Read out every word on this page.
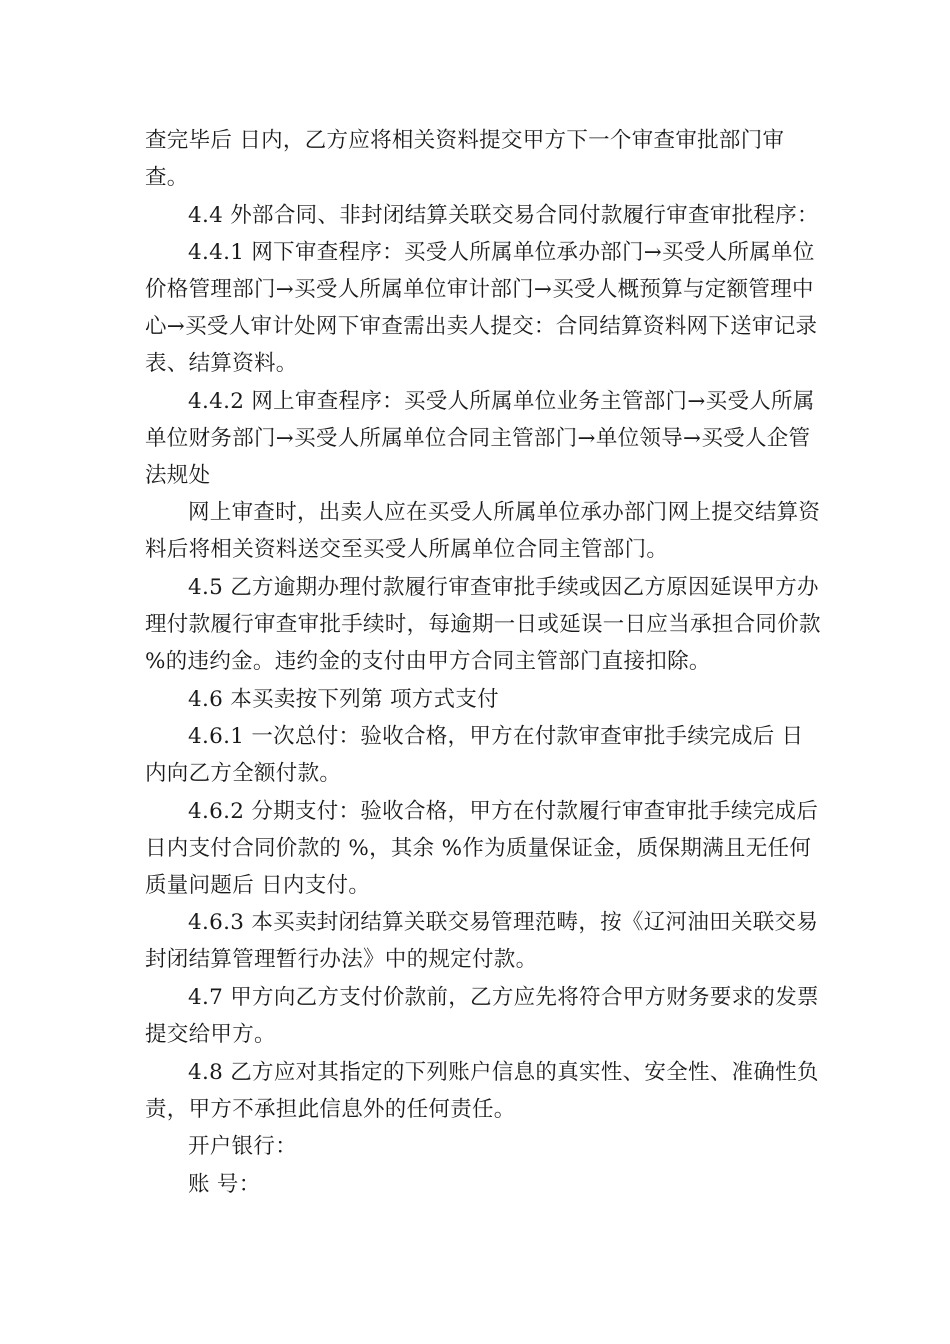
查完毕后 日内，乙方应将相关资料提交甲方下一个审查审批部门审查。

4.4 外部合同、非封闭结算关联交易合同付款履行审查审批程序：

4.4.1 网下审查程序：买受人所属单位承办部门→买受人所属单位价格管理部门→买受人所属单位审计部门→买受人概预算与定额管理中心→买受人审计处网下审查需出卖人提交：合同结算资料网下送审记录表、结算资料。

4.4.2 网上审查程序：买受人所属单位业务主管部门→买受人所属单位财务部门→买受人所属单位合同主管部门→单位领导→买受人企管法规处

网上审查时，出卖人应在买受人所属单位承办部门网上提交结算资料后将相关资料送交至买受人所属单位合同主管部门。

4.5 乙方逾期办理付款履行审查审批手续或因乙方原因延误甲方办理付款履行审查审批手续时，每逾期一日或延误一日应当承担合同价款 %的违约金。违约金的支付由甲方合同主管部门直接扣除。

4.6 本买卖按下列第 项方式支付

4.6.1 一次总付：验收合格，甲方在付款审查审批手续完成后 日内向乙方全额付款。

4.6.2 分期支付：验收合格，甲方在付款履行审查审批手续完成后 日内支付合同价款的 %，其余 %作为质量保证金，质保期满且无任何质量问题后 日内支付。

4.6.3 本买卖封闭结算关联交易管理范畴，按《辽河油田关联交易封闭结算管理暂行办法》中的规定付款。

4.7 甲方向乙方支付价款前，乙方应先将符合甲方财务要求的发票提交给甲方。

4.8 乙方应对其指定的下列账户信息的真实性、安全性、准确性负责，甲方不承担此信息外的任何责任。

开户银行：

账 号：
